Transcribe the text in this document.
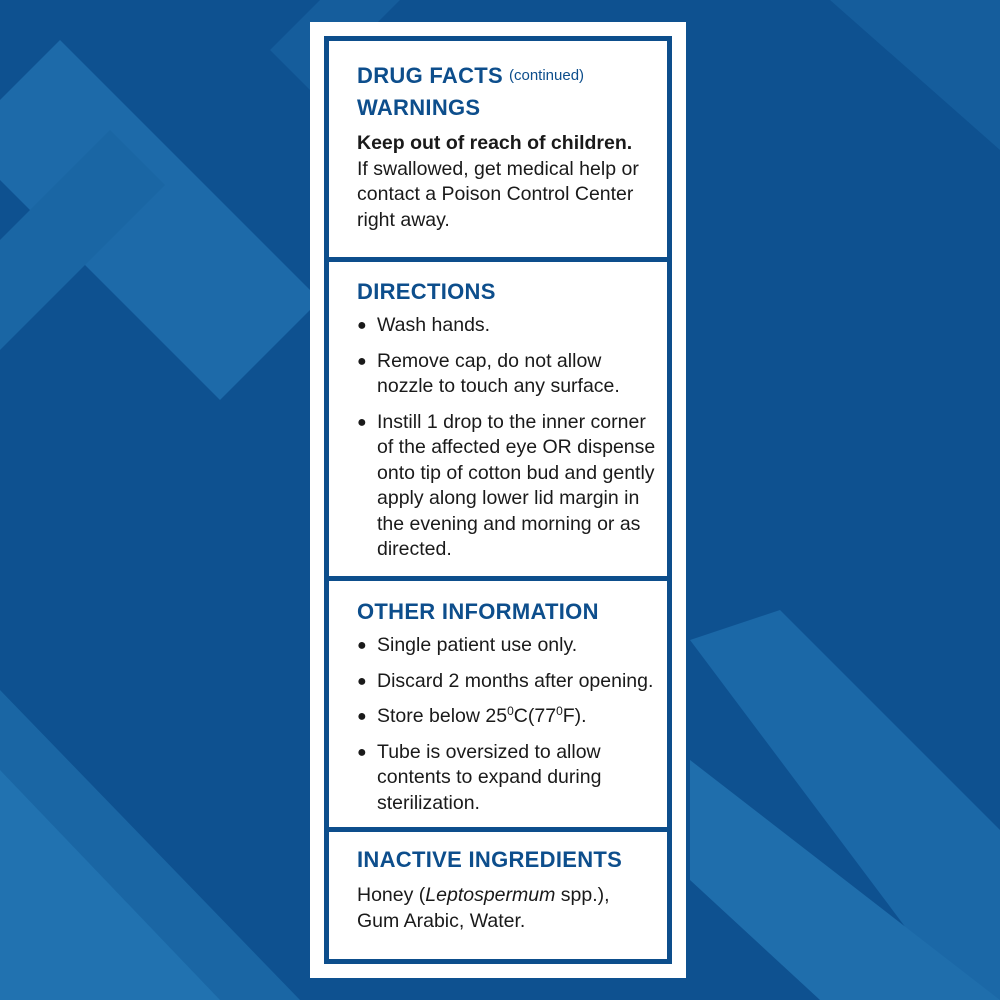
DRUG FACTS (continued)
WARNINGS
Keep out of reach of children.
If swallowed, get medical help or
contact a Poison Control Center
right away.
DIRECTIONS
● Wash hands.
● Remove cap, do not allow
nozzle to touch any surface.
● Instill 1 drop to the inner corner
of the affected eye OR dispense
onto tip of cotton bud and gently
apply along lower lid margin in
the evening and morning or as
directed.
OTHER INFORMATION
● Single patient use only.
● Discard 2 months after opening.
● Store below $25^0C(77^0F)$.
● Tube is oversized to allow
contents to expand during
sterilization.
INACTIVE INGREDIENTS
Honey (Leptospermum spp.),
Gum Arabic, Water.
